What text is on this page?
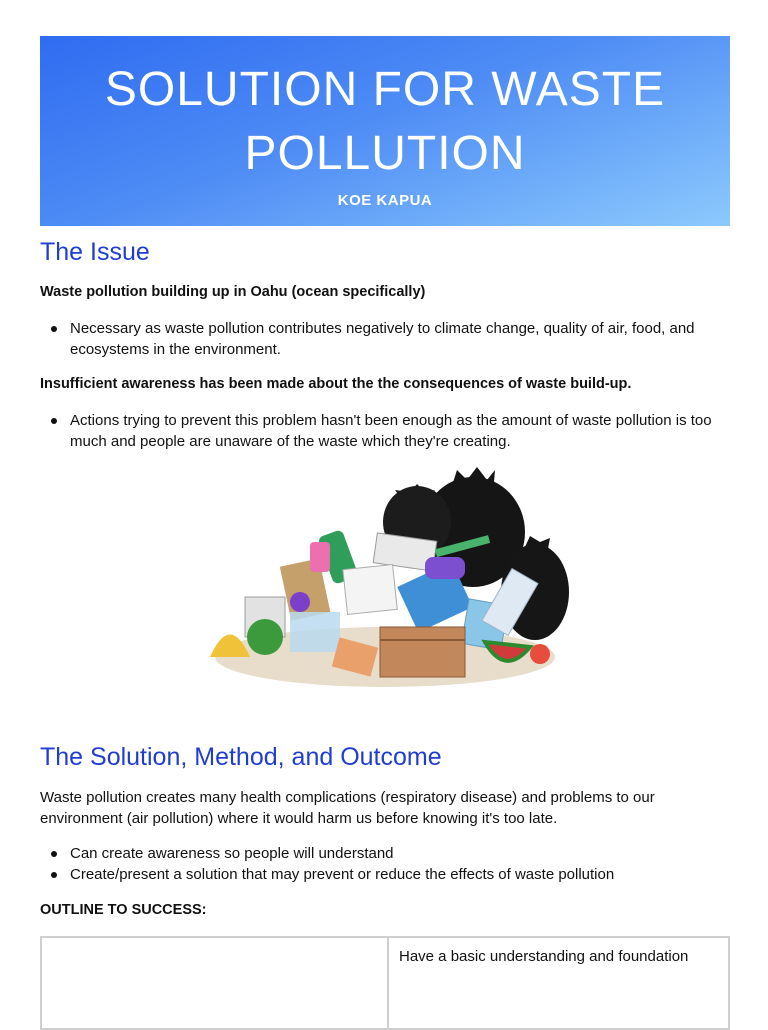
SOLUTION FOR WASTE POLLUTION
KOE KAPUA
The Issue

Waste pollution building up in Oahu (ocean specifically)

Necessary as waste pollution contributes negatively to climate change, quality of air, food, and ecosystems in the environment.

Insufficient awareness has been made about the the consequences of waste build-up.

Actions trying to prevent this problem hasn't been enough as the amount of waste pollution is too much and people are unaware of the waste which they're creating.
The Solution, Method, and Outcome

Waste pollution creates many health complications (respiratory disease) and problems to our environment (air pollution) where it would harm us before knowing it's too late.

Can create awareness so people will understand
Create/present a solution that may prevent or reduce the effects of waste pollution

OUTLINE TO SUCCESS:

	Have a basic understanding and foundation
